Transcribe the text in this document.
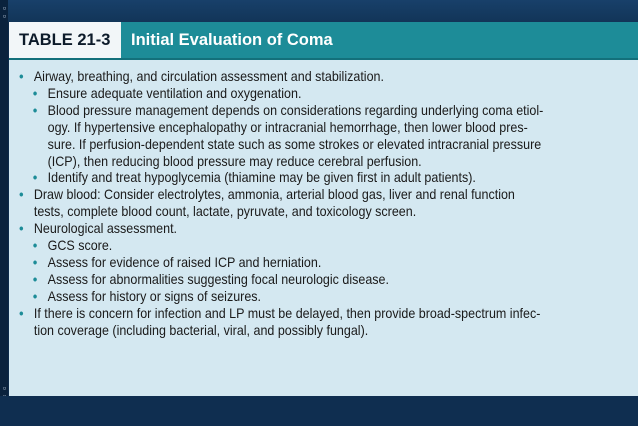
▫
▫
▫

TABLE 21-3	Initial Evaluation of Coma
• Airway, breathing, and circulation assessment and stabilization.
• Ensure adequate ventilation and oxygenation.
• Blood pressure management depends on considerations regarding underlying coma etiol-
ogy. If hypertensive encephalopathy or intracranial hemorrhage, then lower blood pres-
sure. If perfusion-dependent state such as some strokes or elevated intracranial pressure
(ICP), then reducing blood pressure may reduce cerebral perfusion.
• Identify and treat hypoglycemia (thiamine may be given first in adult patients).
• Draw blood: Consider electrolytes, ammonia, arterial blood gas, liver and renal function
tests, complete blood count, lactate, pyruvate, and toxicology screen.
• Neurological assessment.
• GCS score.
• Assess for evidence of raised ICP and herniation.
• Assess for abnormalities suggesting focal neurologic disease.
• Assess for history or signs of seizures.
• If there is concern for infection and LP must be delayed, then provide broad-spectrum infec-
tion coverage (including bacterial, viral, and possibly fungal).
